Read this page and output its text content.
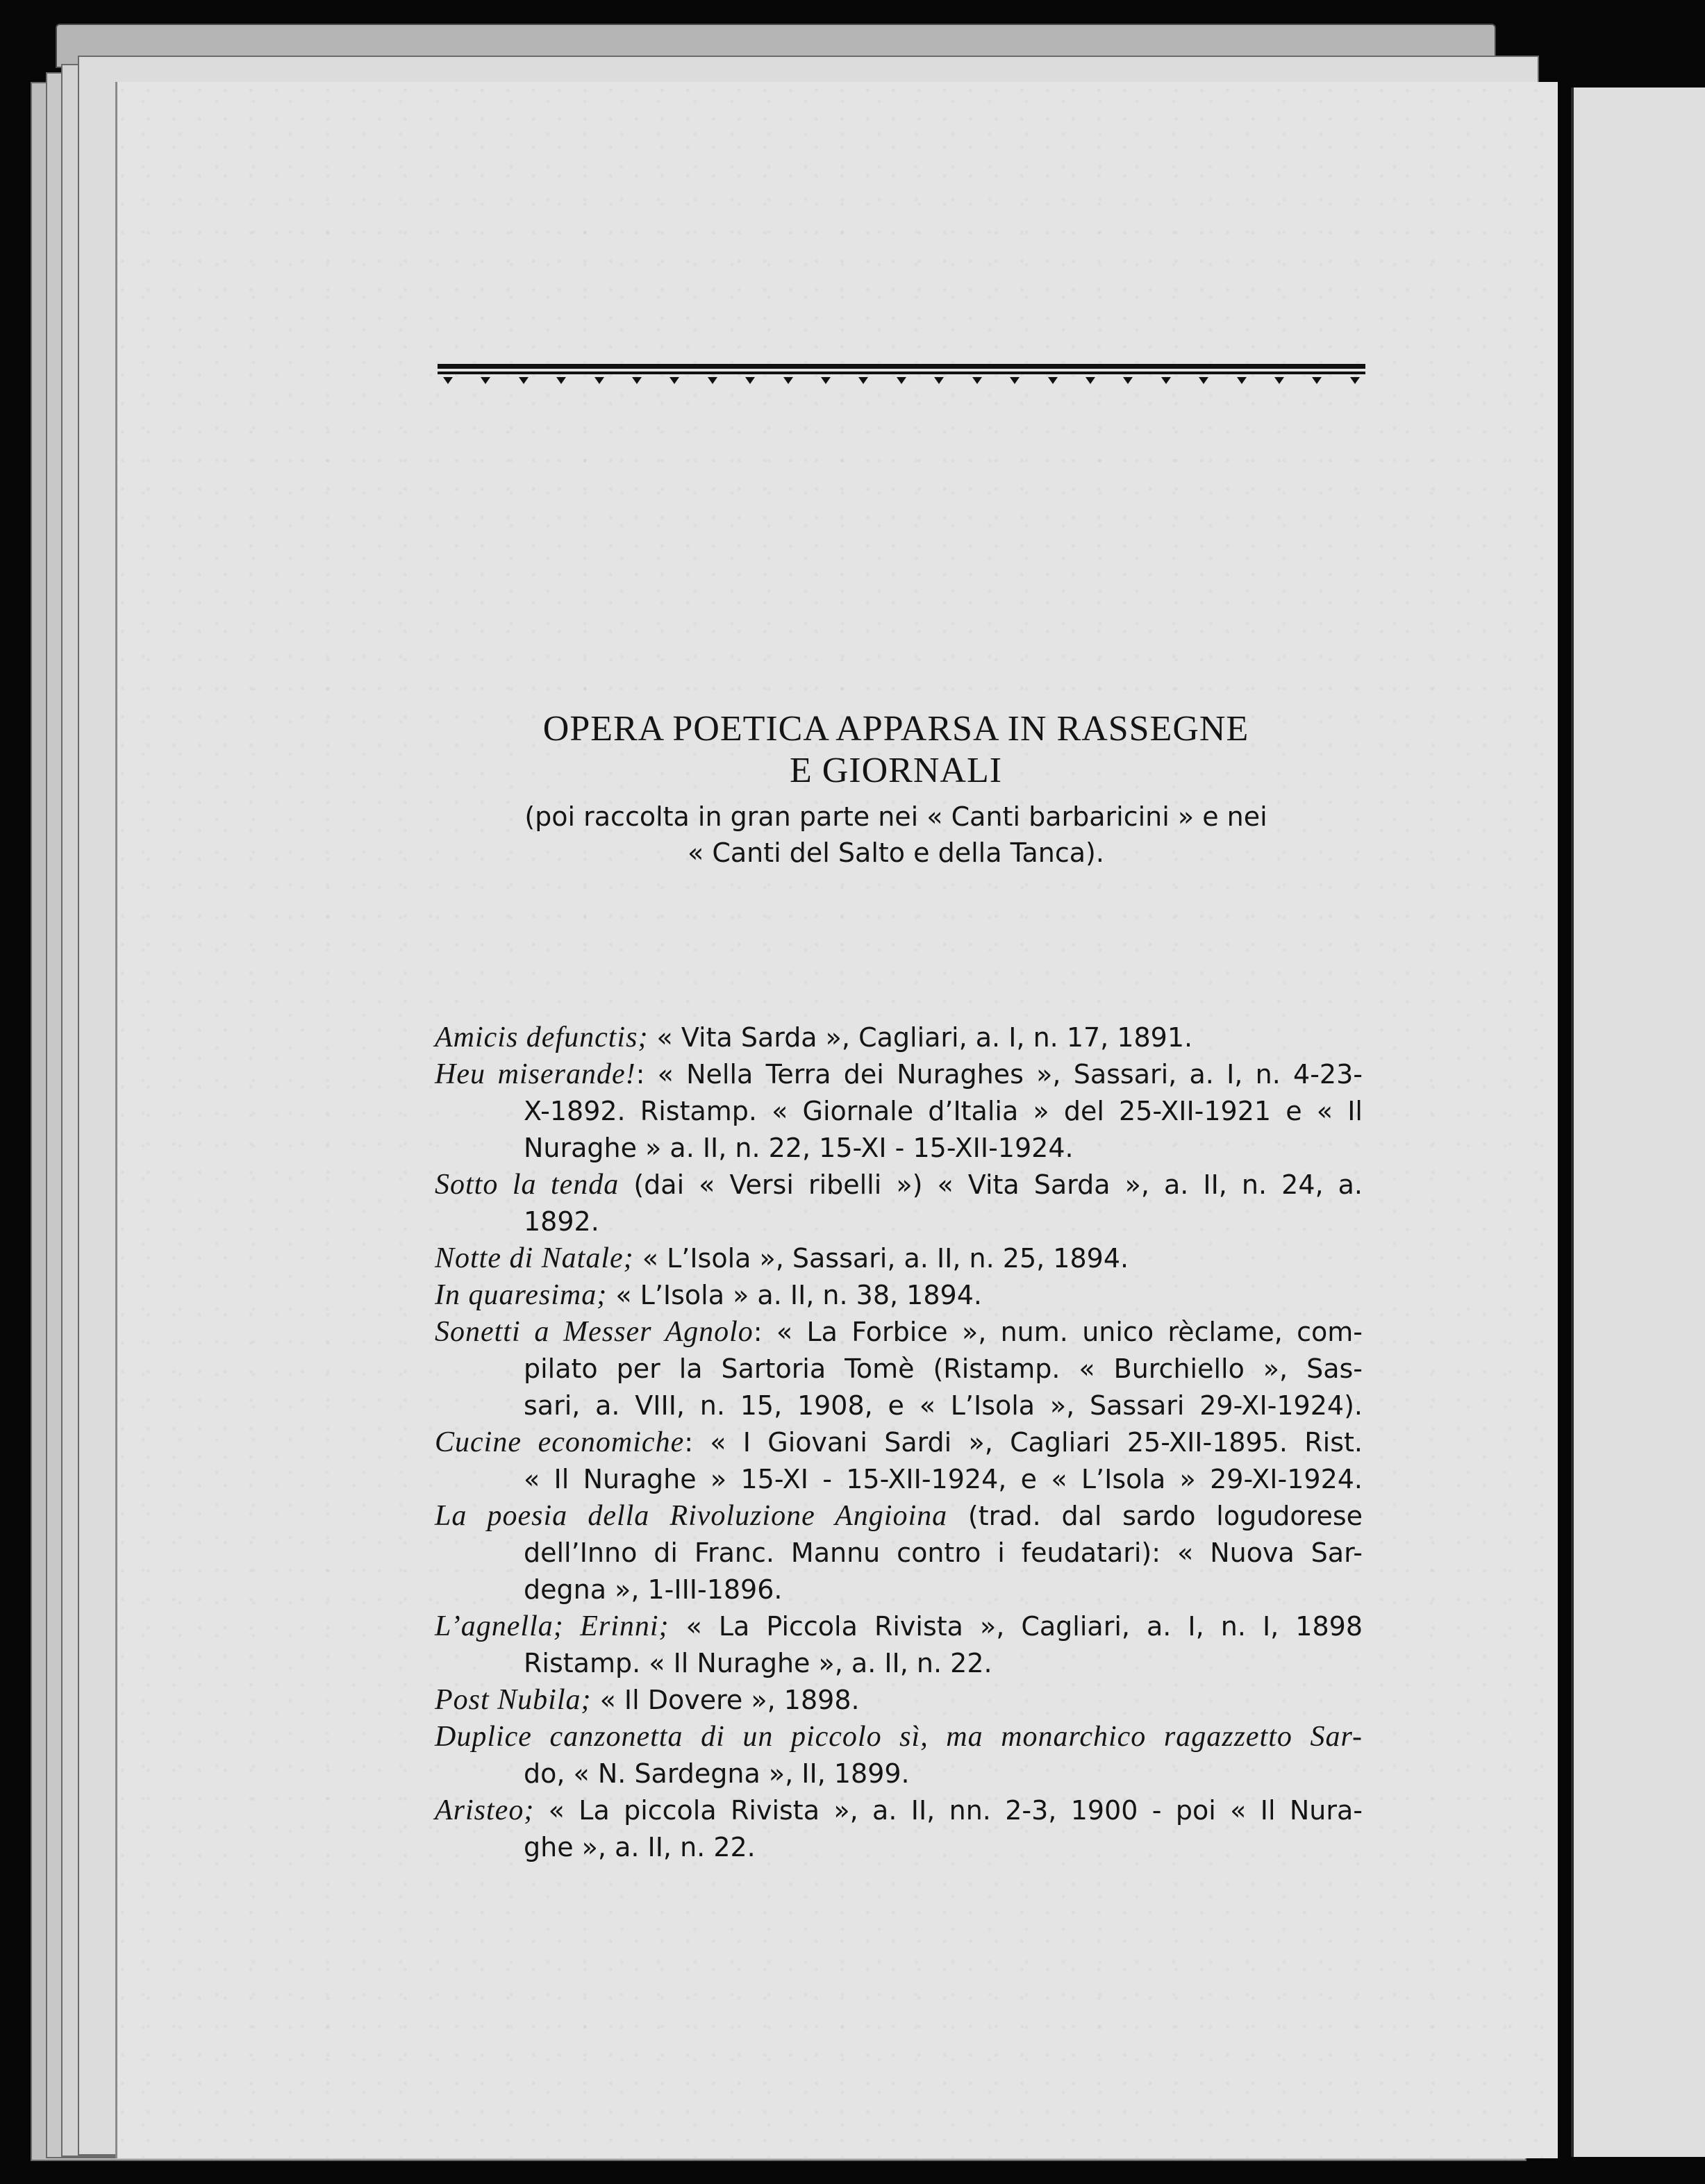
OPERA POETICA APPARSA IN RASSEGNE

E GIORNALI

(poi raccolta in gran parte nei « Canti barbaricini » e nei

« Canti del Salto e della Tanca).

Amicis defunctis; « Vita Sarda », Cagliari, a. I, n. 17, 1891.

Heu miserande!: « Nella Terra dei Nuraghes », Sassari, a. I, n. 4-23-

X-1892. Ristamp. « Giornale d’Italia » del 25-XII-1921 e « Il

Nuraghe » a. II, n. 22, 15-XI - 15-XII-1924.

Sotto la tenda (dai « Versi ribelli ») « Vita Sarda », a. II, n. 24, a.

1892.

Notte di Natale; « L’Isola », Sassari, a. II, n. 25, 1894.

In quaresima; « L’Isola » a. II, n. 38, 1894.

Sonetti a Messer Agnolo: « La Forbice », num. unico rèclame, com-

pilato per la Sartoria Tomè (Ristamp. « Burchiello », Sas-

sari, a. VIII, n. 15, 1908, e « L’Isola », Sassari 29-XI-1924).

Cucine economiche: « I Giovani Sardi », Cagliari 25-XII-1895. Rist.

« Il Nuraghe » 15-XI - 15-XII-1924, e « L’Isola » 29-XI-1924.

La poesia della Rivoluzione Angioina (trad. dal sardo logudorese

dell’Inno di Franc. Mannu contro i feudatari): « Nuova Sar-

degna », 1-III-1896.

L’agnella; Erinni; « La Piccola Rivista », Cagliari, a. I, n. I, 1898

Ristamp. « Il Nuraghe », a. II, n. 22.

Post Nubila; « Il Dovere », 1898.

Duplice canzonetta di un piccolo sì, ma monarchico ragazzetto Sar-

do, « N. Sardegna », II, 1899.

Aristeo; « La piccola Rivista », a. II, nn. 2-3, 1900 - poi « Il Nura-

ghe », a. II, n. 22.
